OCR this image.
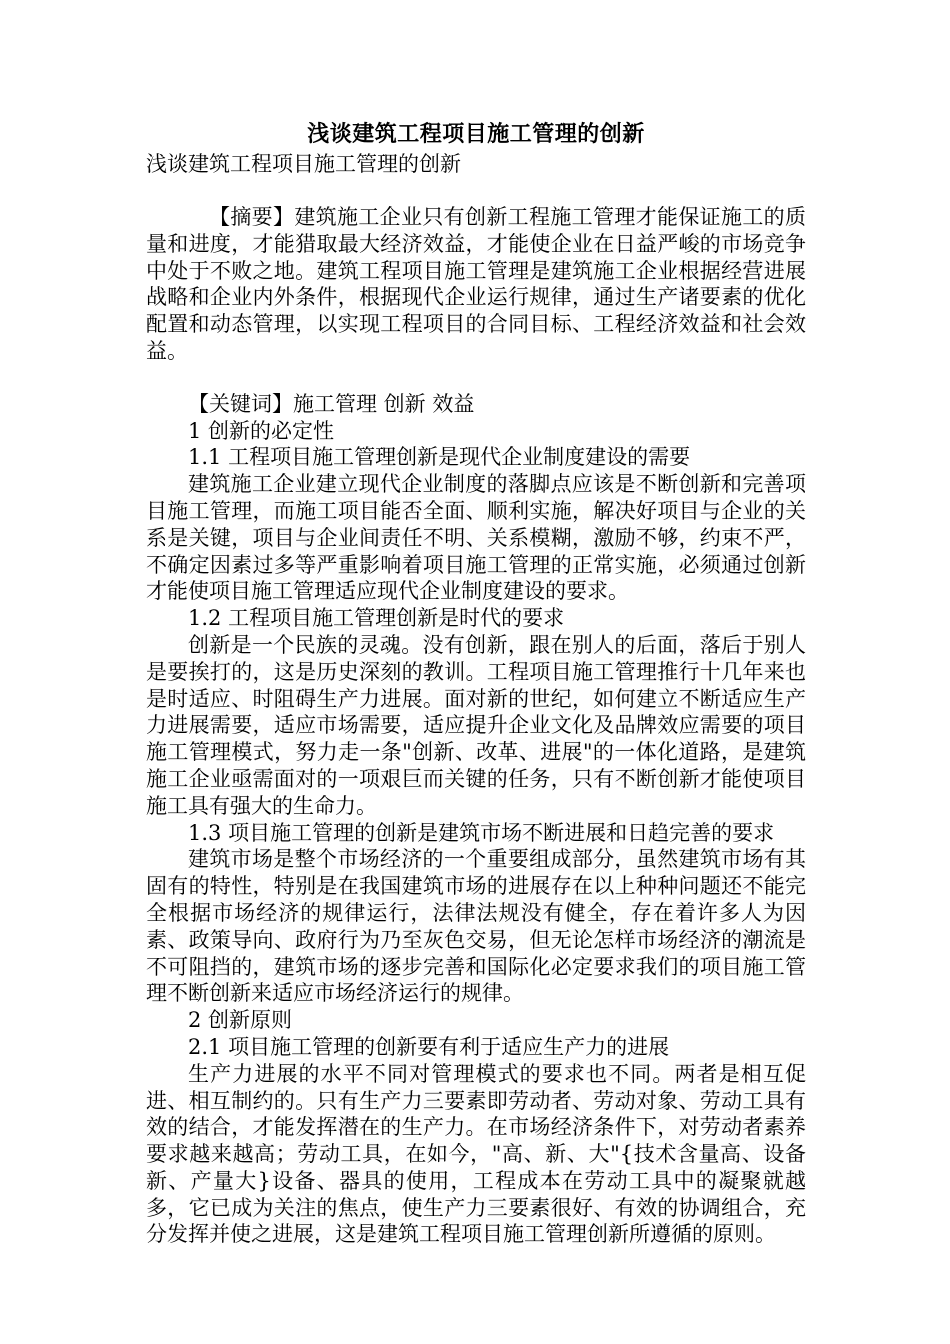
浅谈建筑工程项目施工管理的创新

浅谈建筑工程项目施工管理的创新

【摘要】建筑施工企业只有创新工程施工管理才能保证施工的质量和进度，才能猎取最大经济效益，才能使企业在日益严峻的市场竞争中处于不败之地。建筑工程项目施工管理是建筑施工企业根据经营进展战略和企业内外条件，根据现代企业运行规律，通过生产诸要素的优化配置和动态管理，以实现工程项目的合同目标、工程经济效益和社会效益。

【关键词】施工管理 创新 效益

1 创新的必定性

1.1 工程项目施工管理创新是现代企业制度建设的需要

建筑施工企业建立现代企业制度的落脚点应该是不断创新和完善项目施工管理，而施工项目能否全面、顺利实施，解决好项目与企业的关系是关键，项目与企业间责任不明、关系模糊，激励不够，约束不严，不确定因素过多等严重影响着项目施工管理的正常实施，必须通过创新才能使项目施工管理适应现代企业制度建设的要求。

1.2 工程项目施工管理创新是时代的要求

创新是一个民族的灵魂。没有创新，跟在别人的后面，落后于别人是要挨打的，这是历史深刻的教训。工程项目施工管理推行十几年来也是时适应、时阻碍生产力进展。面对新的世纪，如何建立不断适应生产力进展需要，适应市场需要，适应提升企业文化及品牌效应需要的项目施工管理模式，努力走一条"创新、改革、进展"的一体化道路，是建筑施工企业亟需面对的一项艰巨而关键的任务，只有不断创新才能使项目施工具有强大的生命力。

1.3 项目施工管理的创新是建筑市场不断进展和日趋完善的要求

建筑市场是整个市场经济的一个重要组成部分，虽然建筑市场有其固有的特性，特别是在我国建筑市场的进展存在以上种种问题还不能完全根据市场经济的规律运行，法律法规没有健全，存在着许多人为因素、政策导向、政府行为乃至灰色交易，但无论怎样市场经济的潮流是不可阻挡的，建筑市场的逐步完善和国际化必定要求我们的项目施工管理不断创新来适应市场经济运行的规律。

2 创新原则

2.1 项目施工管理的创新要有利于适应生产力的进展

生产力进展的水平不同对管理模式的要求也不同。两者是相互促进、相互制约的。只有生产力三要素即劳动者、劳动对象、劳动工具有效的结合，才能发挥潜在的生产力。在市场经济条件下，对劳动者素养要求越来越高；劳动工具，在如今，"高、新、大"{技术含量高、设备新、产量大}设备、器具的使用，工程成本在劳动工具中的凝聚就越多，它已成为关注的焦点，使生产力三要素很好、有效的协调组合，充分发挥并使之进展，这是建筑工程项目施工管理创新所遵循的原则。
